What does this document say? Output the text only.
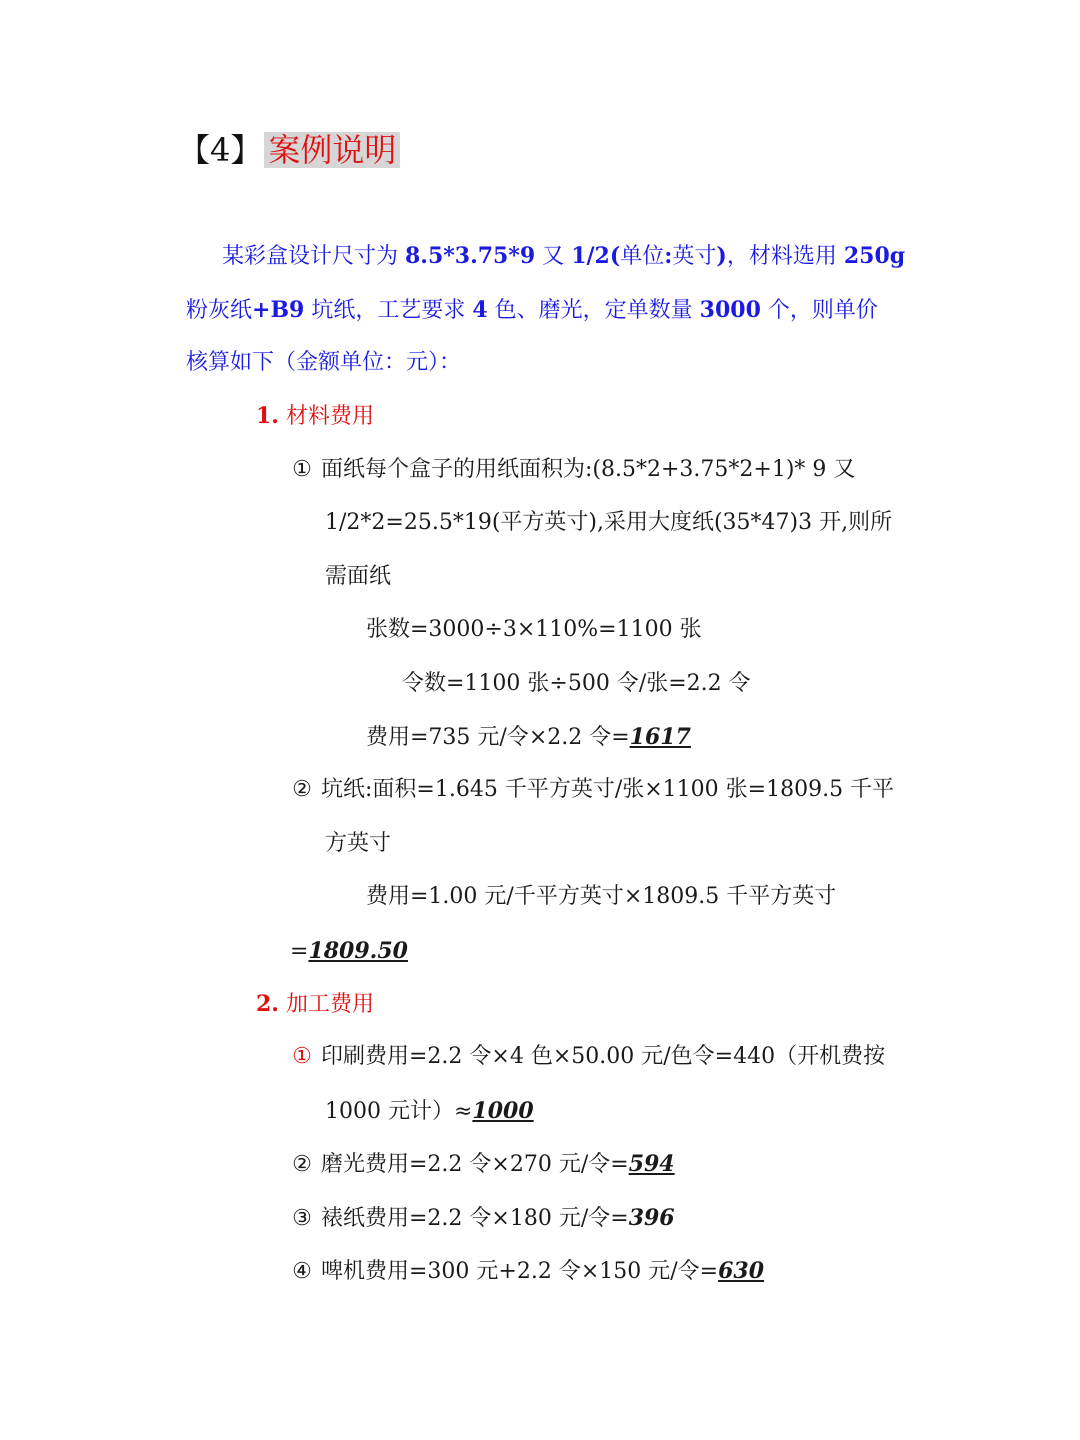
【4】 案例说明
某彩盒设计尺寸为 8.5*3.75*9 又 1/2(单位:英寸)，材料选用 250g
粉灰纸+B9 坑纸，工艺要求 4 色、磨光，定单数量 3000 个，则单价
核算如下（金额单位：元）：
1. 材料费用
① 面纸每个盒子的用纸面积为:(8.5*2+3.75*2+1)* 9 又
1/2*2=25.5*19(平方英寸),采用大度纸(35*47)3 开,则所
需面纸
张数=3000÷3×110%=1100 张
令数=1100 张÷500 令/张=2.2 令
费用=735 元/令×2.2 令=1617
② 坑纸:面积=1.645 千平方英寸/张×1100 张=1809.5 千平
方英寸
费用=1.00 元/千平方英寸×1809.5 千平方英寸
=1809.50
2. 加工费用
① 印刷费用=2.2 令×4 色×50.00 元/色令=440（开机费按
1000 元计）≈1000
② 磨光费用=2.2 令×270 元/令=594
③ 裱纸费用=2.2 令×180 元/令=396
④ 啤机费用=300 元+2.2 令×150 元/令=630
